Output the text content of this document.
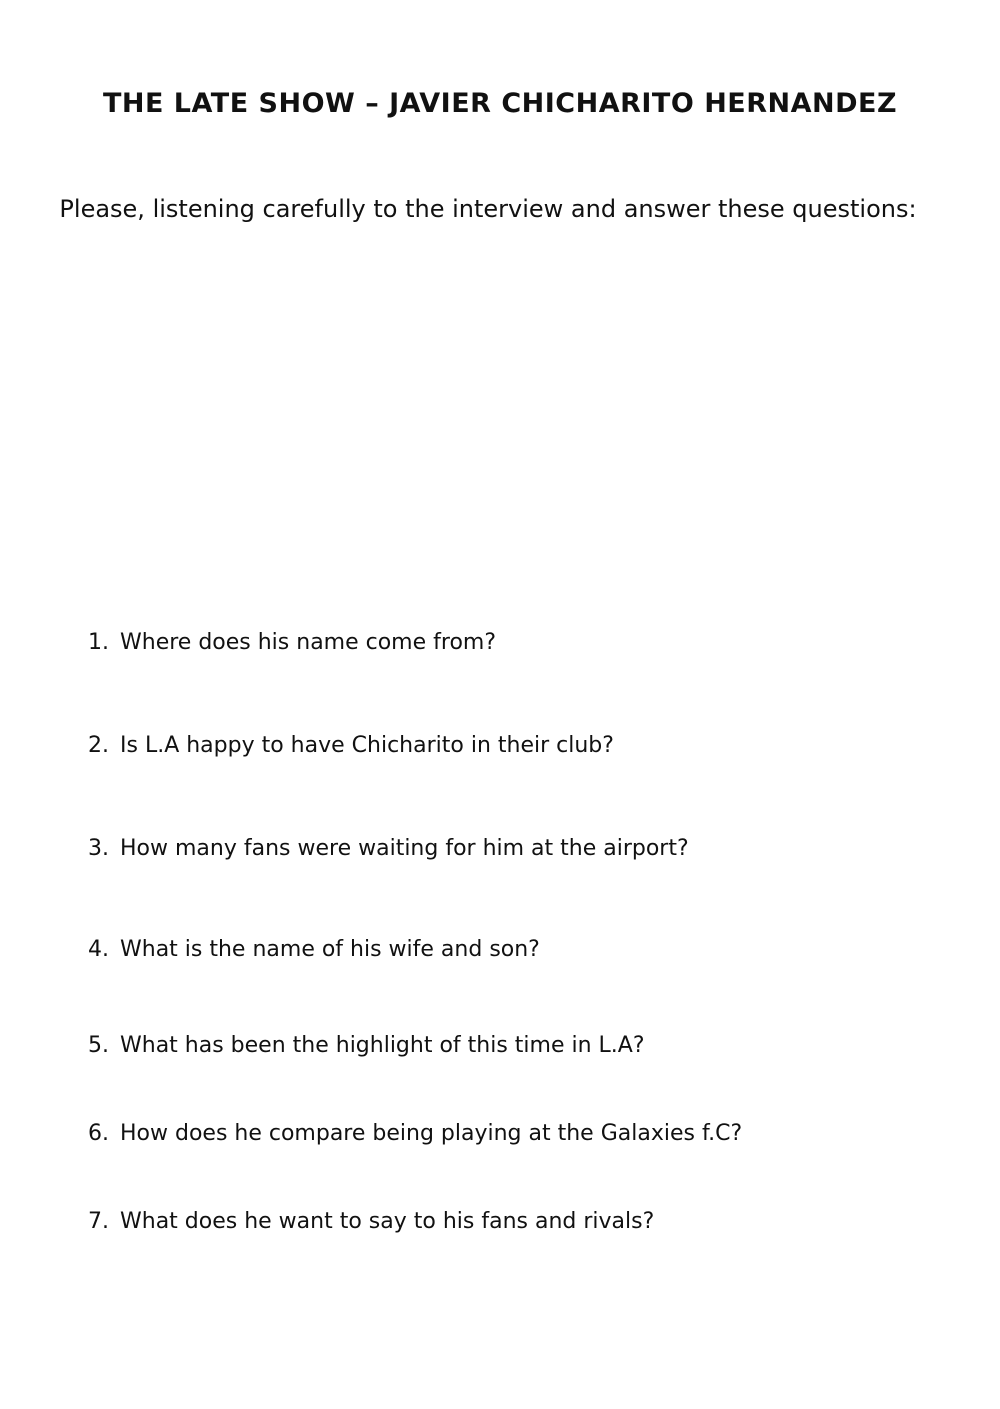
THE LATE SHOW – JAVIER CHICHARITO HERNANDEZ
Please, listening carefully to the interview and answer these questions:
1. Where does his name come from?
2. Is L.A happy to have Chicharito in their club?
3. How many fans were waiting for him at the airport?
4. What is the name of his wife and son?
5. What has been the highlight of this time in L.A?
6. How does he compare being playing at the Galaxies f.C?
7. What does he want to say to his fans and rivals?
